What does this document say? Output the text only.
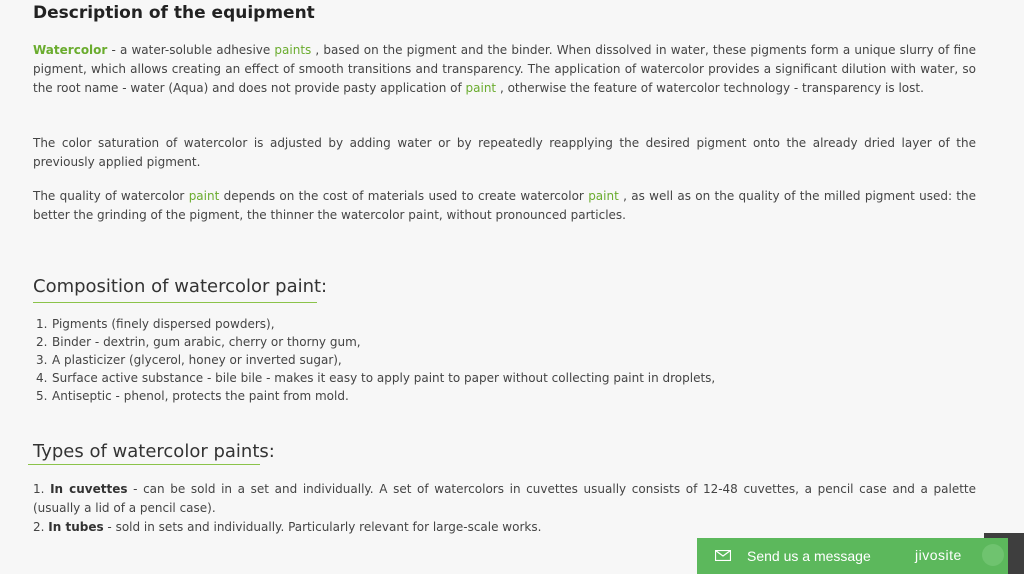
Description of the equipment

Watercolor - a water-soluble adhesive paints , based on the pigment and the binder. When dissolved in water, these pigments form a unique slurry of fine pigment, which allows creating an effect of smooth transitions and transparency. The application of watercolor provides a significant dilution with water, so the root name - water (Aqua) and does not provide pasty application of paint , otherwise the feature of watercolor technology - transparency is lost.

The color saturation of watercolor is adjusted by adding water or by repeatedly reapplying the desired pigment onto the already dried layer of the previously applied pigment.

The quality of watercolor paint depends on the cost of materials used to create watercolor paint , as well as on the quality of the milled pigment used: the better the grinding of the pigment, the thinner the watercolor paint, without pronounced particles.

Composition of watercolor paint:
1. Pigments (finely dispersed powders),
2. Binder - dextrin, gum arabic, cherry or thorny gum,
3. A plasticizer (glycerol, honey or inverted sugar),
4. Surface active substance - bile bile - makes it easy to apply paint to paper without collecting paint in droplets,
5. Antiseptic - phenol, protects the paint from mold.
Types of watercolor paints:

1. In cuvettes - can be sold in a set and individually. A set of watercolors in cuvettes usually consists of 12-48 cuvettes, a pencil case and a palette (usually a lid of a pencil case).

2. In tubes - sold in sets and individually. Particularly relevant for large-scale works.

Send us a message	jivosite
